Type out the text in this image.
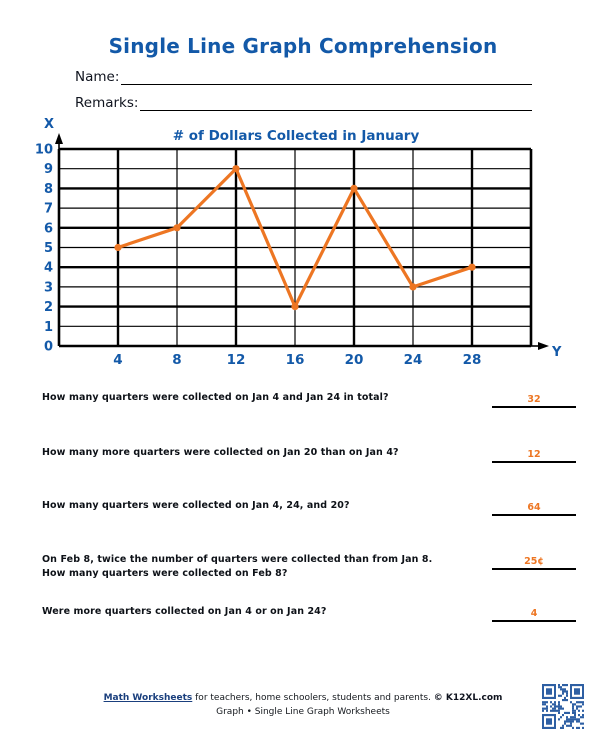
Single Line Graph Comprehension
Name:
Remarks:
0
1
2
3
4
5
6
7
8
9
10
4	8	12	16	20	24	28
# of Dollars Collected in January
X
Y
How many quarters were collected on Jan 4 and Jan 24 in total?	32
How many more quarters were collected on Jan 20 than on Jan 4?	12
How many quarters were collected on Jan 4, 24, and 20?	64
On Feb 8, twice the number of quarters were collected than from Jan 8.
How many quarters were collected on Feb 8?
25¢
Were more quarters collected on Jan 4 or on Jan 24?	4
Math Worksheets for teachers, home schoolers, students and parents. © K12XL.com
Graph • Single Line Graph Worksheets
